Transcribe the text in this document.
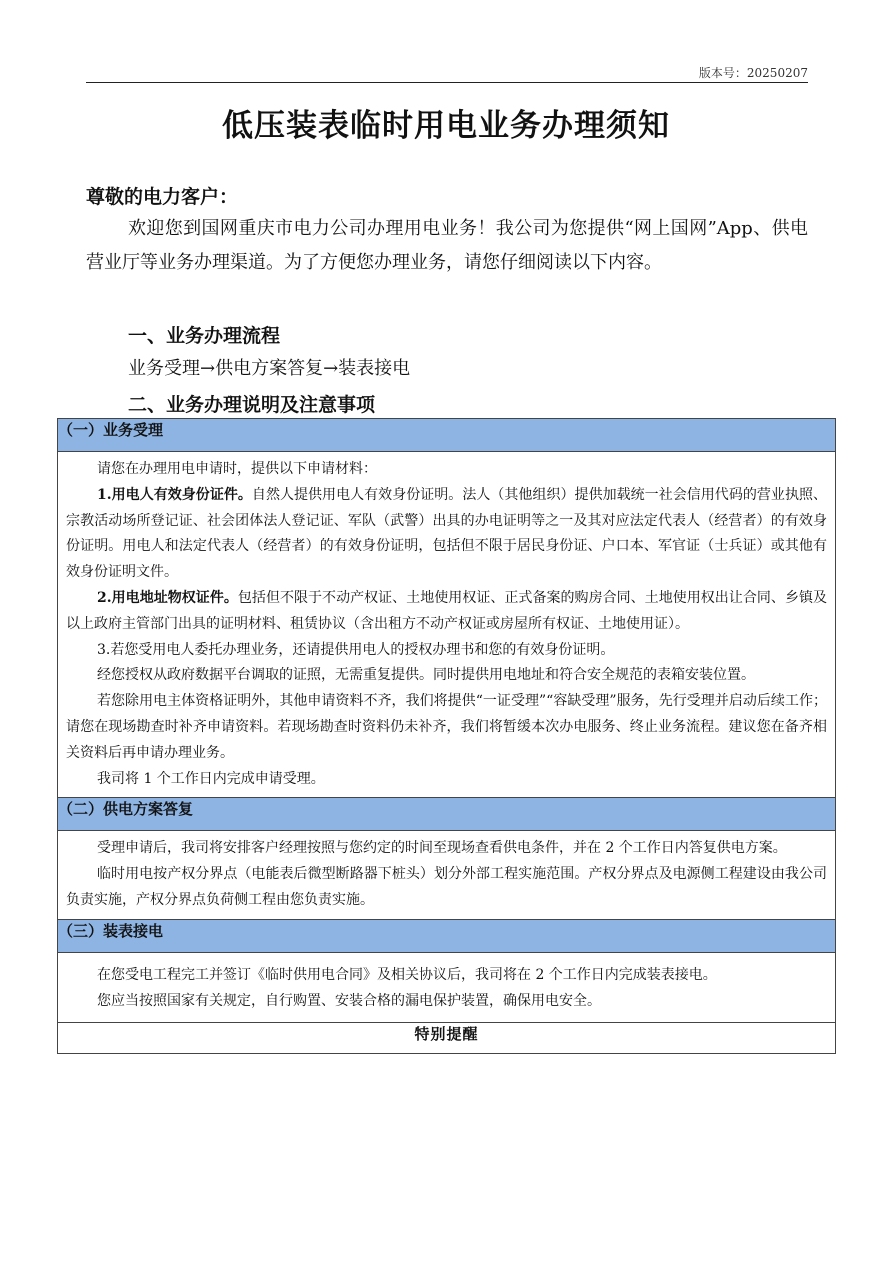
版本号：20250207
低压装表临时用电业务办理须知
尊敬的电力客户：

欢迎您到国网重庆市电力公司办理用电业务！我公司为您提供“网上国网”App、供电营业厅等业务办理渠道。为了方便您办理业务，请您仔细阅读以下内容。

一、业务办理流程
业务受理→供电方案答复→装表接电
二、业务办理说明及注意事项
（一）业务受理

请您在办理用电申请时，提供以下申请材料：

1.用电人有效身份证件。自然人提供用电人有效身份证明。法人（其他组织）提供加载统一社会信用代码的营业执照、宗教活动场所登记证、社会团体法人登记证、军队（武警）出具的办电证明等之一及其对应法定代表人（经营者）的有效身份证明。用电人和法定代表人（经营者）的有效身份证明，包括但不限于居民身份证、户口本、军官证（士兵证）或其他有效身份证明文件。

2.用电地址物权证件。包括但不限于不动产权证、土地使用权证、正式备案的购房合同、土地使用权出让合同、乡镇及以上政府主管部门出具的证明材料、租赁协议（含出租方不动产权证或房屋所有权证、土地使用证）。

3.若您受用电人委托办理业务，还请提供用电人的授权办理书和您的有效身份证明。

经您授权从政府数据平台调取的证照，无需重复提供。同时提供用电地址和符合安全规范的表箱安装位置。

若您除用电主体资格证明外，其他申请资料不齐，我们将提供“一证受理”“容缺受理”服务，先行受理并启动后续工作；请您在现场勘查时补齐申请资料。若现场勘查时资料仍未补齐，我们将暂缓本次办电服务、终止业务流程。建议您在备齐相关资料后再申请办理业务。

我司将 1 个工作日内完成申请受理。

（二）供电方案答复

受理申请后，我司将安排客户经理按照与您约定的时间至现场查看供电条件，并在 2 个工作日内答复供电方案。

临时用电按产权分界点（电能表后微型断路器下桩头）划分外部工程实施范围。产权分界点及电源侧工程建设由我公司负责实施，产权分界点负荷侧工程由您负责实施。

（三）装表接电

在您受电工程完工并签订《临时供用电合同》及相关协议后，我司将在 2 个工作日内完成装表接电。

您应当按照国家有关规定，自行购置、安装合格的漏电保护装置，确保用电安全。

特别提醒
